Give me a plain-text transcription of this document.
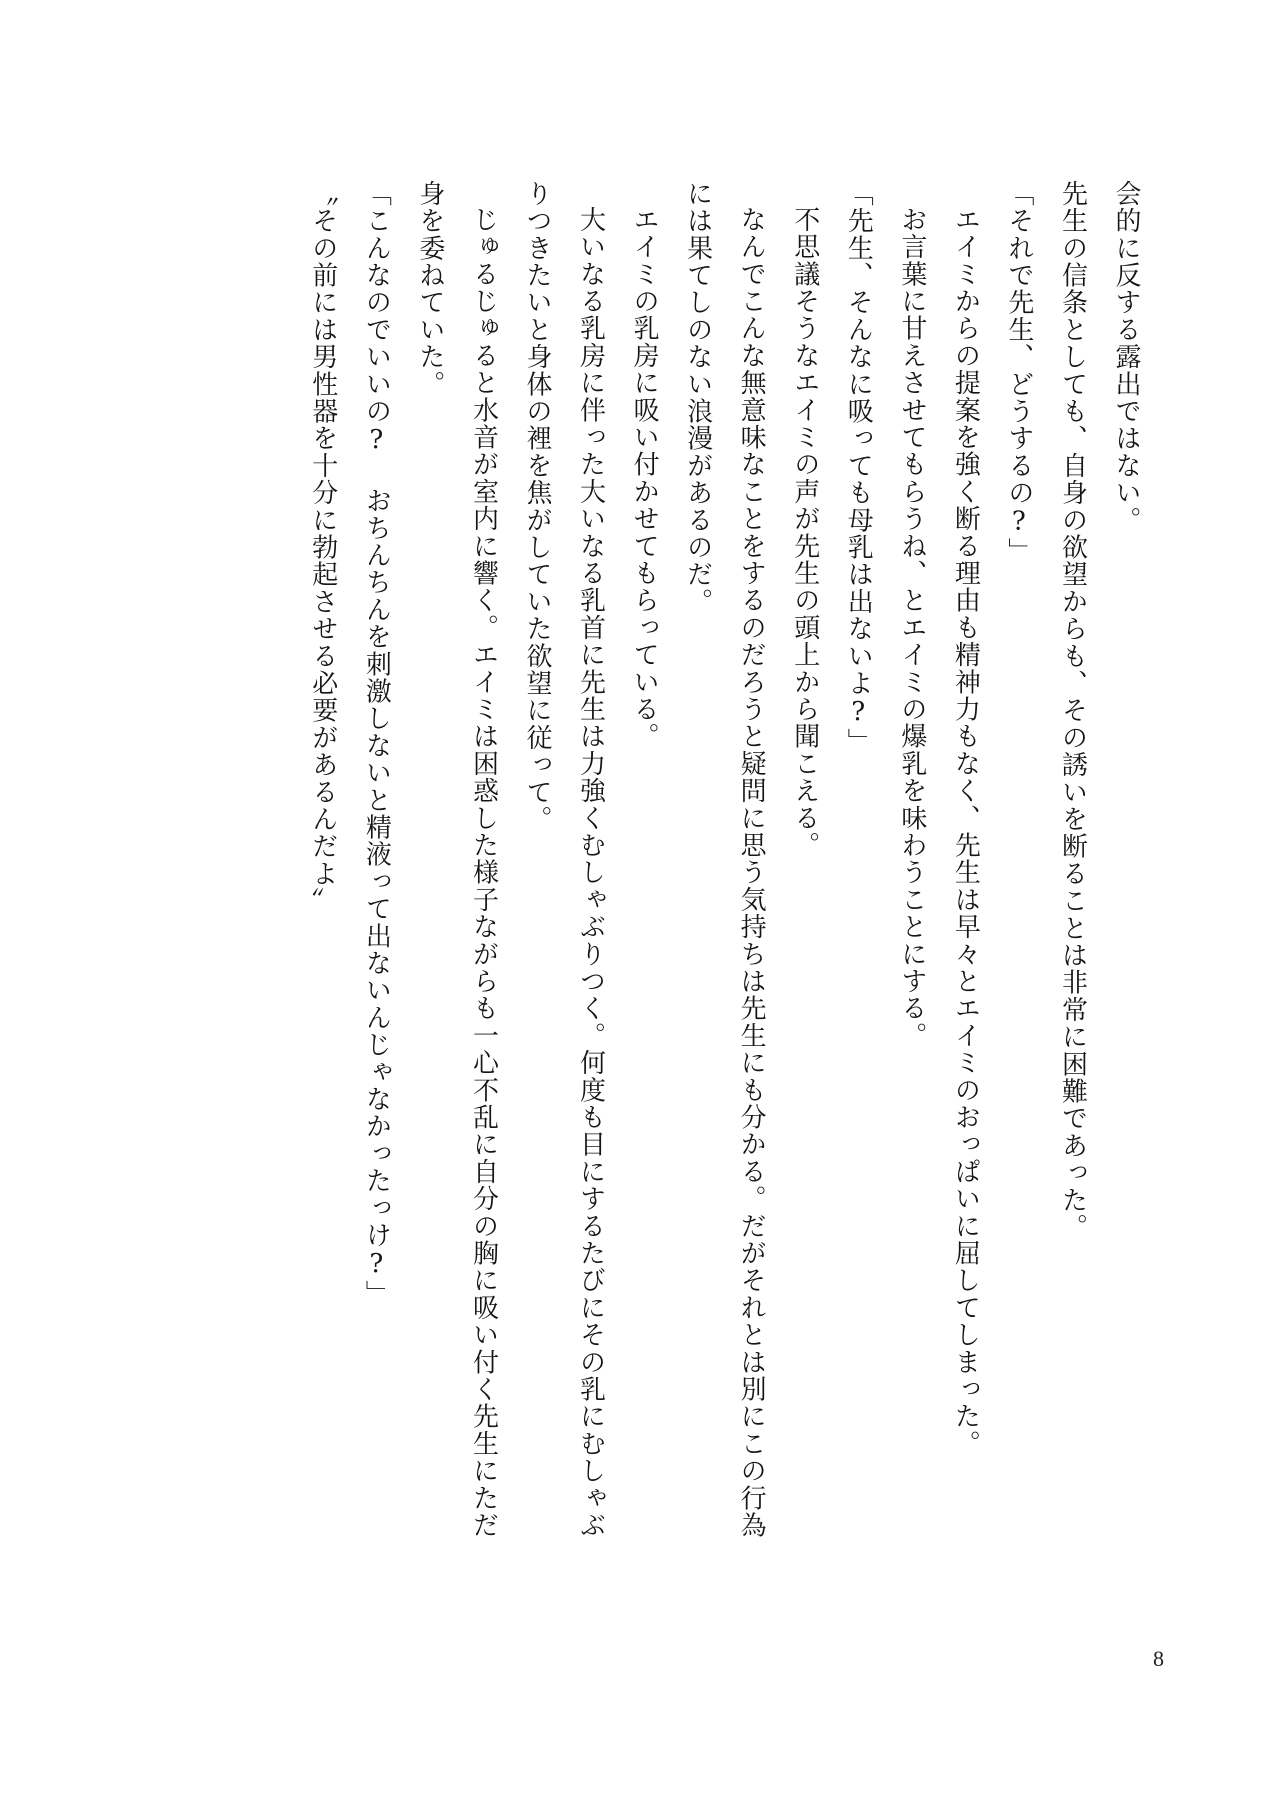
会的に反する露出ではない。

先生の信条としても、自身の欲望からも、その誘いを断ることは非常に困難であった。

「それで先生、どうするの?」

エイミからの提案を強く断る理由も精神力もなく、先生は早々とエイミのおっぱいに屈してしまった。

お言葉に甘えさせてもらうね、とエイミの爆乳を味わうことにする。

「先生、そんなに吸っても母乳は出ないよ?」

不思議そうなエイミの声が先生の頭上から聞こえる。

なんでこんな無意味なことをするのだろうと疑問に思う気持ちは先生にも分かる。だがそれとは別にこの行為には果てしのない浪漫があるのだ。

エイミの乳房に吸い付かせてもらっている。

大いなる乳房に伴った大いなる乳首に先生は力強くむしゃぶりつく。何度も目にするたびにその乳にむしゃぶりつきたいと身体の裡を焦がしていた欲望に従って。

じゅるじゅると水音が室内に響く。エイミは困惑した様子ながらも一心不乱に自分の胸に吸い付く先生にただ身を委ねていた。

「こんなのでいいの? おちんちんを刺激しないと精液って出ないんじゃなかったっけ?」

〝その前には男性器を十分に勃起させる必要があるんだよ〟

8
